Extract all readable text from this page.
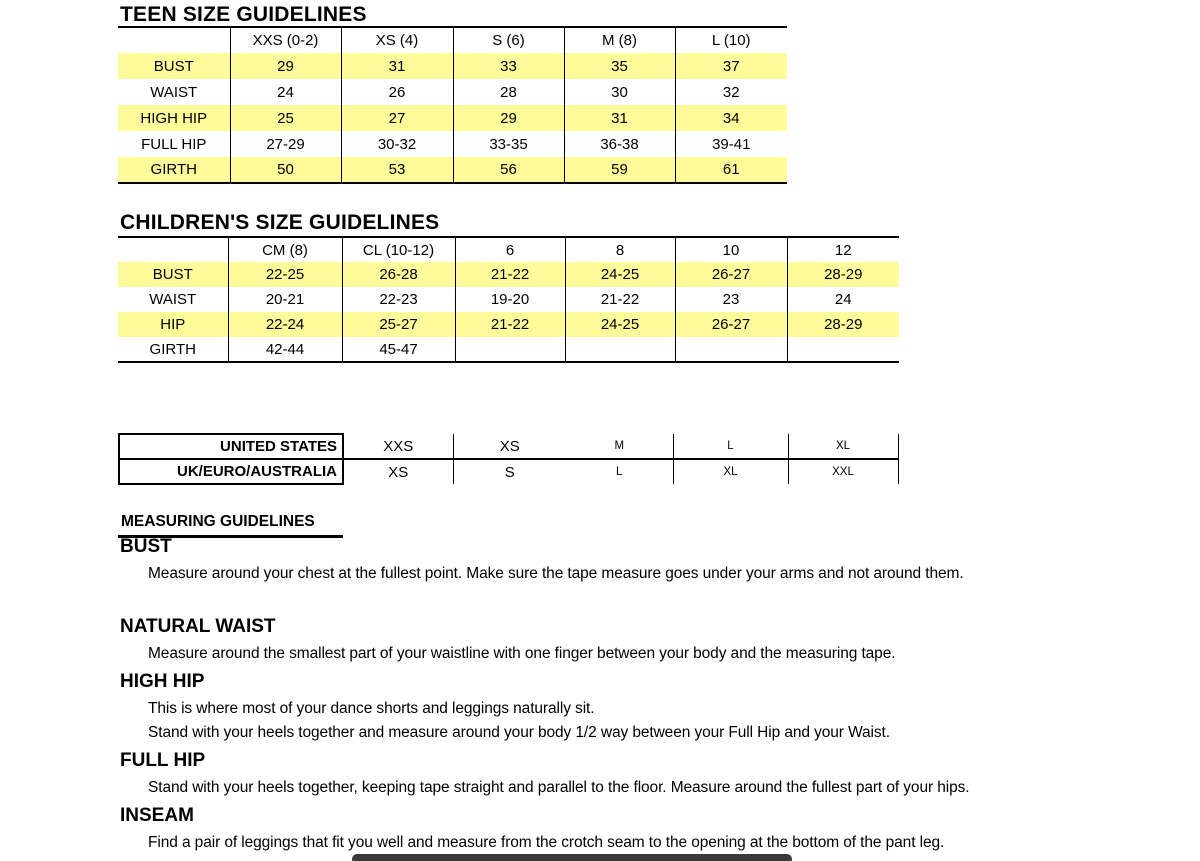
TEEN SIZE GUIDELINES
	XXS (0-2)	XS (4)	S (6)	M (8)	L (10)
BUST	29	31	33	35	37
WAIST	24	26	28	30	32
HIGH HIP	25	27	29	31	34
FULL HIP	27-29	30-32	33-35	36-38	39-41
GIRTH	50	53	56	59	61
CHILDREN'S SIZE GUIDELINES
	CM (8)	CL (10-12)	6	8	10	12
BUST	22-25	26-28	21-22	24-25	26-27	28-29
WAIST	20-21	22-23	19-20	21-22	23	24
HIP	22-24	25-27	21-22	24-25	26-27	28-29
GIRTH	42-44	45-47				
UNITED STATES	XXS	XS	M	L	XL
UK/EURO/AUSTRALIA	XS	S	L	XL	XXL
MEASURING GUIDELINES
BUST
Measure around your chest at the fullest point. Make sure the tape measure goes under your arms and not around them.
NATURAL WAIST
Measure around the smallest part of your waistline with one finger between your body and the measuring tape.
HIGH HIP
This is where most of your dance shorts and leggings naturally sit.
Stand with your heels together and measure around your body 1/2 way between your Full Hip and your Waist.
FULL HIP
Stand with your heels together, keeping tape straight and parallel to the floor. Measure around the fullest part of your hips.
INSEAM
Find a pair of leggings that fit you well and measure from the crotch seam to the opening at the bottom of the pant leg.
